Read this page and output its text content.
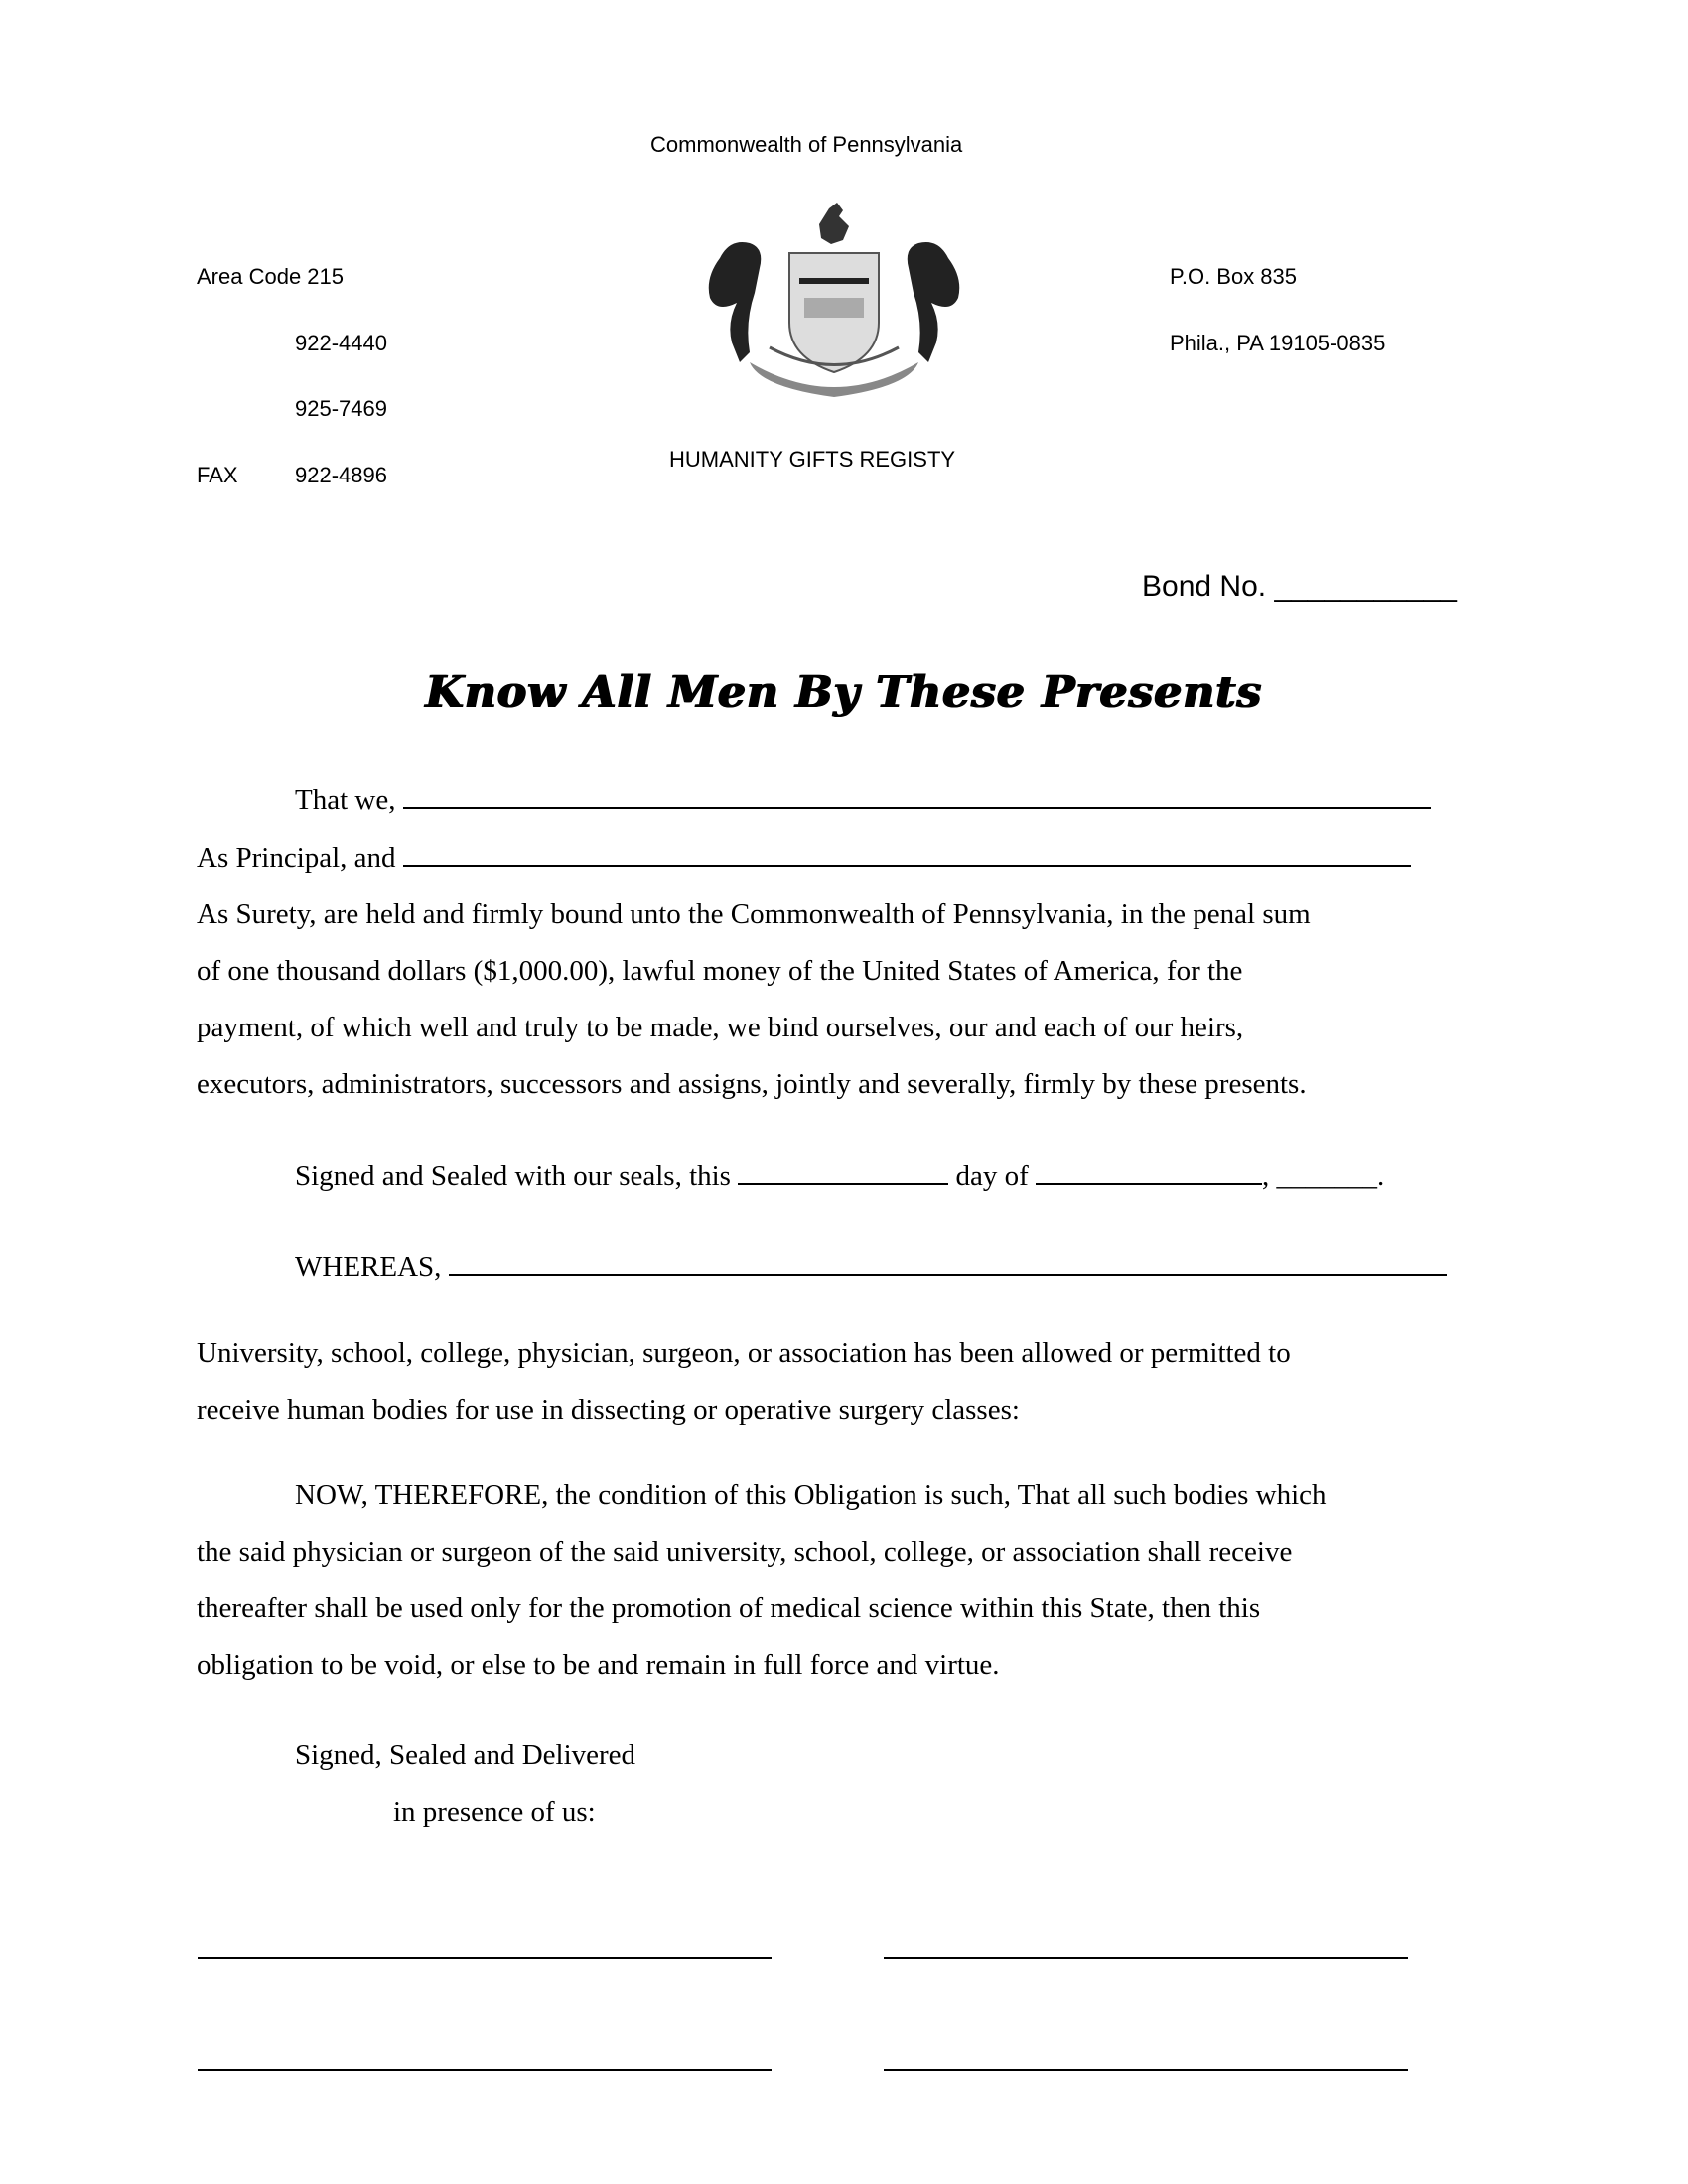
Commonwealth of Pennsylvania
Area Code 215
922-4440
925-7469
FAX	922-4896
P.O. Box 835
Phila., PA 19105-0835
HUMANITY GIFTS REGISTY
Bond No. ___________
Know All Men By These Presents
That we,
As Principal, and
As Surety, are held and firmly bound unto the Commonwealth of Pennsylvania, in the penal sum
of one thousand dollars ($1,000.00), lawful money of the United States of America, for the
payment, of which well and truly to be made, we bind ourselves, our and each of our heirs,
executors, administrators, successors and assigns, jointly and severally, firmly by these presents.
Signed and Sealed with our seals, this	day of	, _______.
WHEREAS,
University, school, college, physician, surgeon, or association has been allowed or permitted to
receive human bodies for use in dissecting or operative surgery classes:
NOW, THEREFORE, the condition of this Obligation is such, That all such bodies which
the said physician or surgeon of the said university, school, college, or association shall receive
thereafter shall be used only for the promotion of medical science within this State, then this
obligation to be void, or else to be and remain in full force and virtue.
Signed, Sealed and Delivered
in presence of us:
